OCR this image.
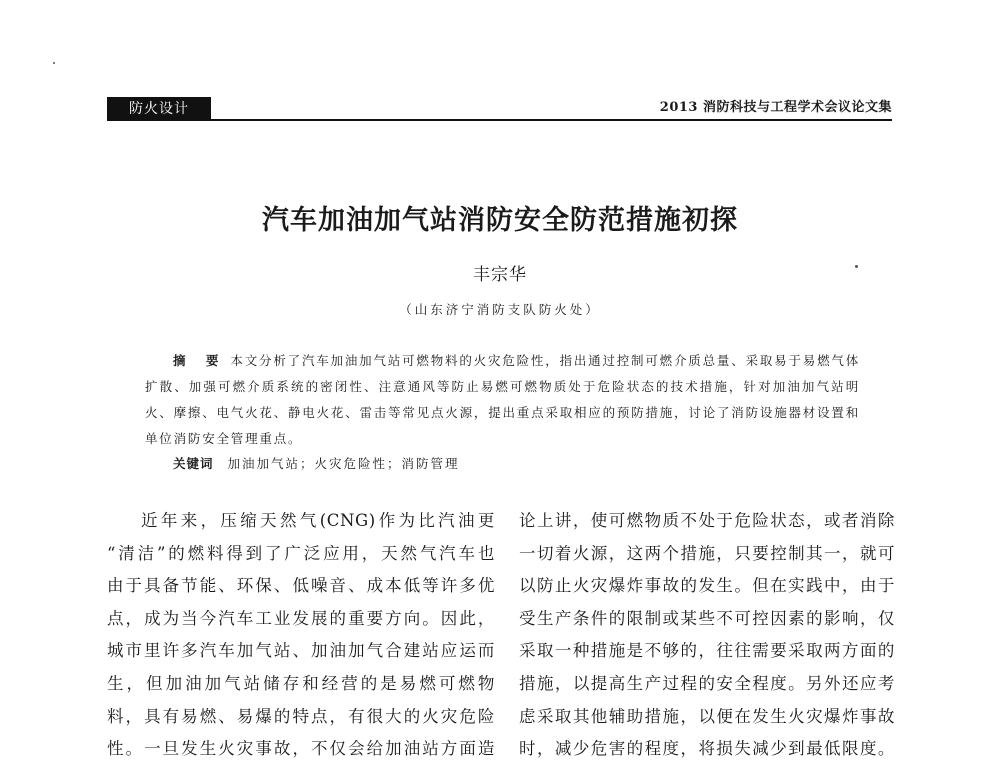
防火设计	2013 消防科技与工程学术会议论文集
汽车加油加气站消防安全防范措施初探
丰宗华
（山东济宁消防支队防火处）
摘 要 本文分析了汽车加油加气站可燃物料的火灾危险性，指出通过控制可燃介质总量、采取易于易燃气体扩散、加强可燃介质系统的密闭性、注意通风等防止易燃可燃物质处于危险状态的技术措施，针对加油加气站明火、摩擦、电气火花、静电火花、雷击等常见点火源，提出重点采取相应的预防措施，讨论了消防设施器材设置和单位消防安全管理重点。
关键词 加油加气站；火灾危险性；消防管理
近年来，压缩天然气(CNG)作为比汽油更
“清洁”的燃料得到了广泛应用，天然气汽车也
由于具备节能、环保、低噪音、成本低等许多优
点，成为当今汽车工业发展的重要方向。因此，
城市里许多汽车加气站、加油加气合建站应运而
生，但加油加气站储存和经营的是易燃可燃物
料，具有易燃、易爆的特点，有很大的火灾危险
性。一旦发生火灾事故，不仅会给加油站方面造
论上讲，使可燃物质不处于危险状态，或者消除
一切着火源，这两个措施，只要控制其一，就可
以防止火灾爆炸事故的发生。但在实践中，由于
受生产条件的限制或某些不可控因素的影响，仅
采取一种措施是不够的，往往需要采取两方面的
措施，以提高生产过程的安全程度。另外还应考
虑采取其他辅助措施，以便在发生火灾爆炸事故
时，减少危害的程度，将损失减少到最低限度。
